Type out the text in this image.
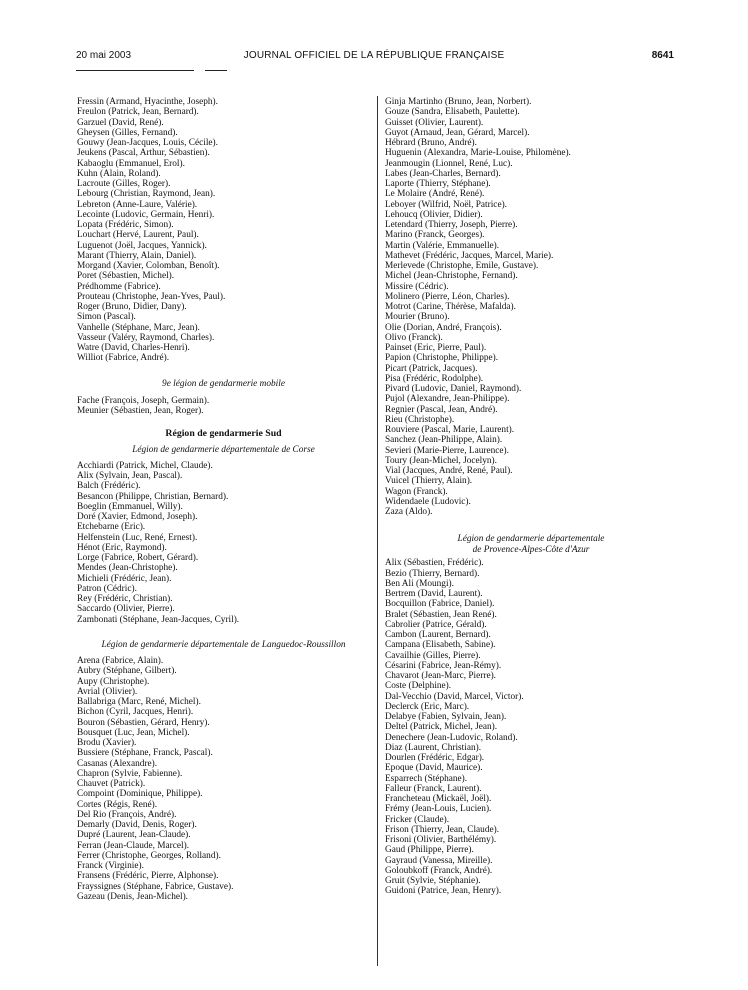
20 mai 2003	JOURNAL OFFICIEL DE LA RÉPUBLIQUE FRANÇAISE	8641
Fressin (Armand, Hyacinthe, Joseph).
Freulon (Patrick, Jean, Bernard).
Garzuel (David, René).
Gheysen (Gilles, Fernand).
Gouwy (Jean-Jacques, Louis, Cécile).
Jeukens (Pascal, Arthur, Sébastien).
Kabaoglu (Emmanuel, Erol).
Kuhn (Alain, Roland).
Lacroute (Gilles, Roger).
Lebourg (Christian, Raymond, Jean).
Lebreton (Anne-Laure, Valérie).
Lecointe (Ludovic, Germain, Henri).
Lopata (Frédéric, Simon).
Louchart (Hervé, Laurent, Paul).
Luguenot (Joël, Jacques, Yannick).
Marant (Thierry, Alain, Daniel).
Morgand (Xavier, Colomban, Benoît).
Poret (Sébastien, Michel).
Prédhomme (Fabrice).
Prouteau (Christophe, Jean-Yves, Paul).
Roger (Bruno, Didier, Dany).
Simon (Pascal).
Vanhelle (Stéphane, Marc, Jean).
Vasseur (Valéry, Raymond, Charles).
Watre (David, Charles-Henri).
Williot (Fabrice, André).
9e légion de gendarmerie mobile
Fache (François, Joseph, Germain).
Meunier (Sébastien, Jean, Roger).
Région de gendarmerie Sud
Légion de gendarmerie départementale de Corse
Acchiardi (Patrick, Michel, Claude).
Alix (Sylvain, Jean, Pascal).
Balch (Frédéric).
Besancon (Philippe, Christian, Bernard).
Boeglin (Emmanuel, Willy).
Doré (Xavier, Edmond, Joseph).
Etchebarne (Eric).
Helfenstein (Luc, René, Ernest).
Hénot (Eric, Raymond).
Lorge (Fabrice, Robert, Gérard).
Mendes (Jean-Christophe).
Michieli (Frédéric, Jean).
Patron (Cédric).
Rey (Frédéric, Christian).
Saccardo (Olivier, Pierre).
Zambonati (Stéphane, Jean-Jacques, Cyril).
Légion de gendarmerie départementale de Languedoc-Roussillon
Arena (Fabrice, Alain).
Aubry (Stéphane, Gilbert).
Aupy (Christophe).
Avrial (Olivier).
Ballabriga (Marc, René, Michel).
Bichon (Cyril, Jacques, Henri).
Bouron (Sébastien, Gérard, Henry).
Bousquet (Luc, Jean, Michel).
Brodu (Xavier).
Bussiere (Stéphane, Franck, Pascal).
Casanas (Alexandre).
Chapron (Sylvie, Fabienne).
Chauvet (Patrick).
Compoint (Dominique, Philippe).
Cortes (Régis, René).
Del Rio (François, André).
Demarly (David, Denis, Roger).
Dupré (Laurent, Jean-Claude).
Ferran (Jean-Claude, Marcel).
Ferrer (Christophe, Georges, Rolland).
Franck (Virginie).
Fransens (Frédéric, Pierre, Alphonse).
Frayssignes (Stéphane, Fabrice, Gustave).
Gazeau (Denis, Jean-Michel).
Ginja Martinho (Bruno, Jean, Norbert).
Gouze (Sandra, Elisabeth, Paulette).
Guisset (Olivier, Laurent).
Guyot (Arnaud, Jean, Gérard, Marcel).
Hébrard (Bruno, André).
Huguenin (Alexandra, Marie-Louise, Philomène).
Jeanmougin (Lionnel, René, Luc).
Labes (Jean-Charles, Bernard).
Laporte (Thierry, Stéphane).
Le Molaire (André, René).
Leboyer (Wilfrid, Noël, Patrice).
Lehoucq (Olivier, Didier).
Letendard (Thierry, Joseph, Pierre).
Marino (Franck, Georges).
Martin (Valérie, Emmanuelle).
Mathevet (Frédéric, Jacques, Marcel, Marie).
Merlevede (Christophe, Emile, Gustave).
Michel (Jean-Christophe, Fernand).
Missire (Cédric).
Molinero (Pierre, Léon, Charles).
Motrot (Carine, Thérèse, Mafalda).
Mourier (Bruno).
Olie (Dorian, André, François).
Olivo (Franck).
Painset (Eric, Pierre, Paul).
Papion (Christophe, Philippe).
Picart (Patrick, Jacques).
Pisa (Frédéric, Rodolphe).
Pivard (Ludovic, Daniel, Raymond).
Pujol (Alexandre, Jean-Philippe).
Regnier (Pascal, Jean, André).
Rieu (Christophe).
Rouviere (Pascal, Marie, Laurent).
Sanchez (Jean-Philippe, Alain).
Sevieri (Marie-Pierre, Laurence).
Toury (Jean-Michel, Jocelyn).
Vial (Jacques, André, René, Paul).
Vuicel (Thierry, Alain).
Wagon (Franck).
Widendaele (Ludovic).
Zaza (Aldo).
Légion de gendarmerie départementale
de Provence-Alpes-Côte d'Azur
Alix (Sébastien, Frédéric).
Bezio (Thierry, Bernard).
Ben Ali (Moungi).
Bertrem (David, Laurent).
Bocquillon (Fabrice, Daniel).
Bralet (Sébastien, Jean René).
Cabrolier (Patrice, Gérald).
Cambon (Laurent, Bernard).
Campana (Elisabeth, Sabine).
Cavailhie (Gilles, Pierre).
Césarini (Fabrice, Jean-Rémy).
Chavarot (Jean-Marc, Pierre).
Coste (Delphine).
Dal-Vecchio (David, Marcel, Victor).
Declerck (Eric, Marc).
Delabye (Fabien, Sylvain, Jean).
Deltel (Patrick, Michel, Jean).
Denechere (Jean-Ludovic, Roland).
Diaz (Laurent, Christian).
Dourlen (Frédéric, Edgar).
Epoque (David, Maurice).
Esparrech (Stéphane).
Falleur (Franck, Laurent).
Francheteau (Mickaël, Joël).
Frémy (Jean-Louis, Lucien).
Fricker (Claude).
Frison (Thierry, Jean, Claude).
Frisoni (Olivier, Barthélémy).
Gaud (Philippe, Pierre).
Gayraud (Vanessa, Mireille).
Goloubkoff (Franck, André).
Gruit (Sylvie, Stéphanie).
Guidoni (Patrice, Jean, Henry).
